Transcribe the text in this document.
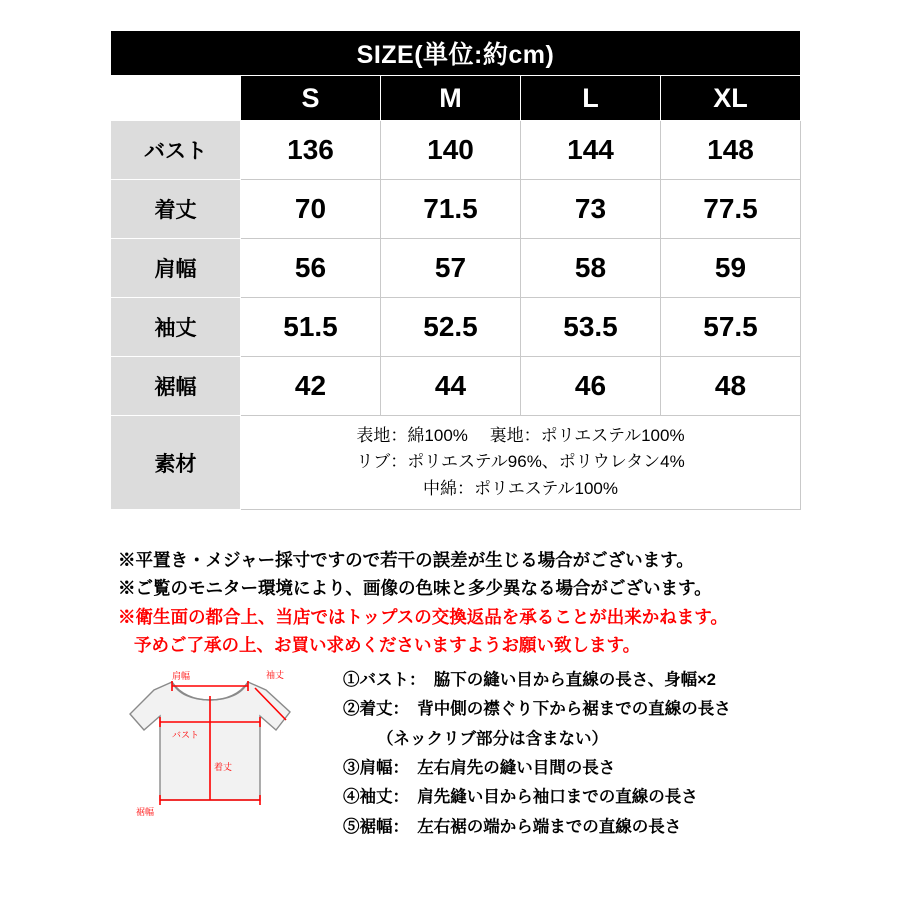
SIZE(単位:約cm)				
	S	M	L	XL
バスト	136	140	144	148
着丈	70	71.5	73	77.5
肩幅	56	57	58	59
袖丈	51.5	52.5	53.5	57.5
裾幅	42	44	46	48
素材	表地：綿100%　 裏地：ポリエステル100%
リブ：ポリエステル96%、ポリウレタン4%
中綿：ポリエステル100%			
※平置き・メジャー採寸ですので若干の誤差が生じる場合がございます。
※ご覧のモニター環境により、画像の色味と多少異なる場合がございます。
※衛生面の都合上、当店ではトップスの交換返品を承ることが出来かねます。
予めご了承の上、お買い求めくださいますようお願い致します。
袖丈
肩幅
バスト
着丈
裾幅
①バスト：　脇下の縫い目から直線の長さ、身幅×2
②着丈：　背中側の襟ぐり下から裾までの直線の長さ
（ネックリブ部分は含まない）
③肩幅：　左右肩先の縫い目間の長さ
④袖丈：　肩先縫い目から袖口までの直線の長さ
⑤裾幅：　左右裾の端から端までの直線の長さ
